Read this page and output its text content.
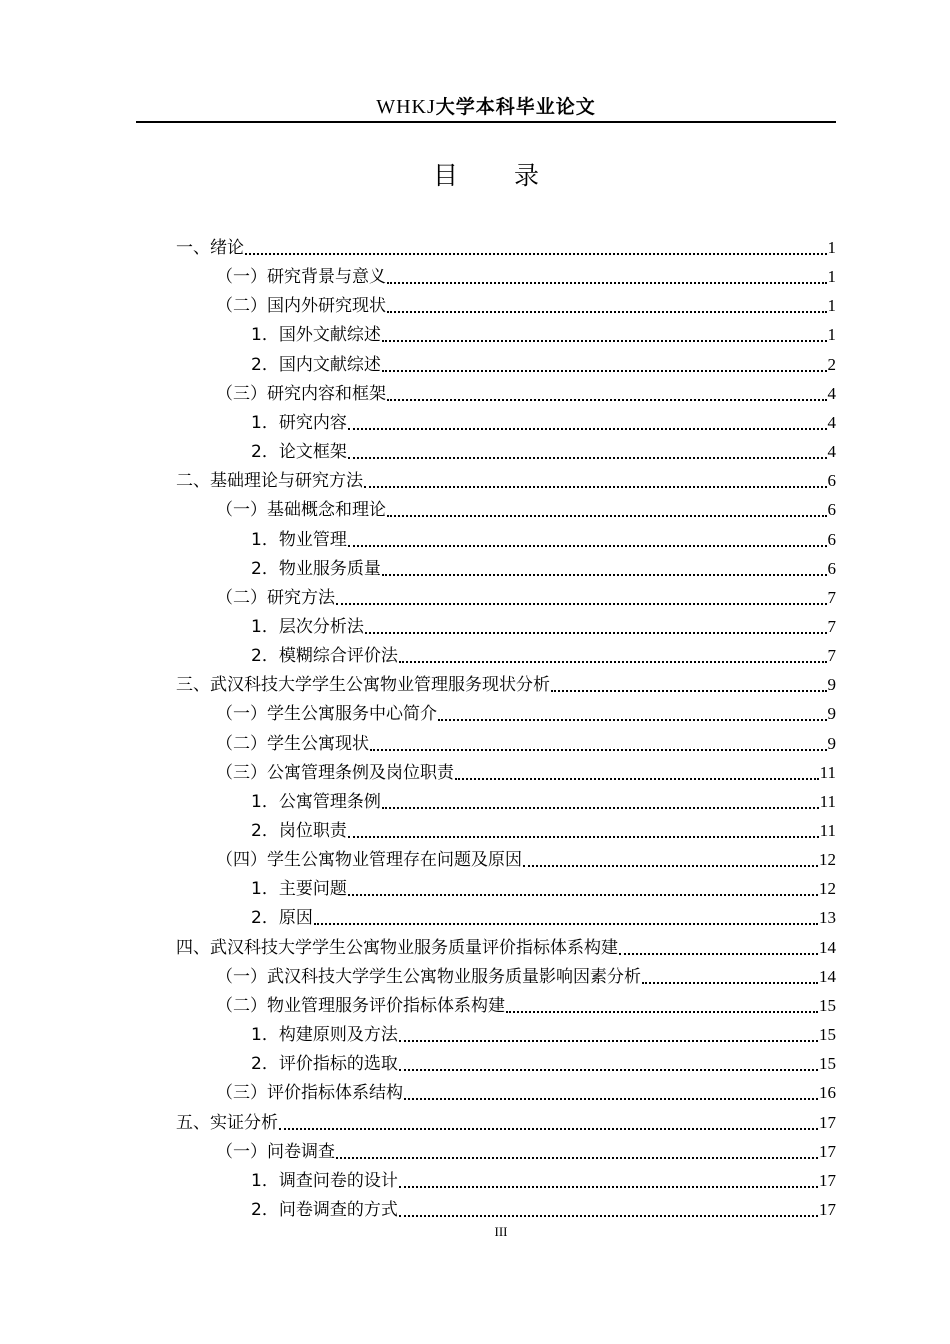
WHKJ大学本科毕业论文
目 录
一、绪论	1
（一）研究背景与意义	1
（二）国内外研究现状	1
1．国外文献综述	1
2．国内文献综述	2
（三）研究内容和框架	4
1．研究内容	4
2．论文框架	4
二、基础理论与研究方法	6
（一）基础概念和理论	6
1．物业管理	6
2．物业服务质量	6
（二）研究方法	7
1．层次分析法	7
2．模糊综合评价法	7
三、武汉科技大学学生公寓物业管理服务现状分析	9
（一）学生公寓服务中心简介	9
（二）学生公寓现状	9
（三）公寓管理条例及岗位职责	11
1．公寓管理条例	11
2．岗位职责	11
（四）学生公寓物业管理存在问题及原因	12
1．主要问题	12
2．原因	13
四、武汉科技大学学生公寓物业服务质量评价指标体系构建	14
（一）武汉科技大学学生公寓物业服务质量影响因素分析	14
（二）物业管理服务评价指标体系构建	15
1．构建原则及方法	15
2．评价指标的选取	15
（三）评价指标体系结构	16
五、实证分析	17
（一）问卷调查	17
1．调查问卷的设计	17
2．问卷调查的方式	17
III
